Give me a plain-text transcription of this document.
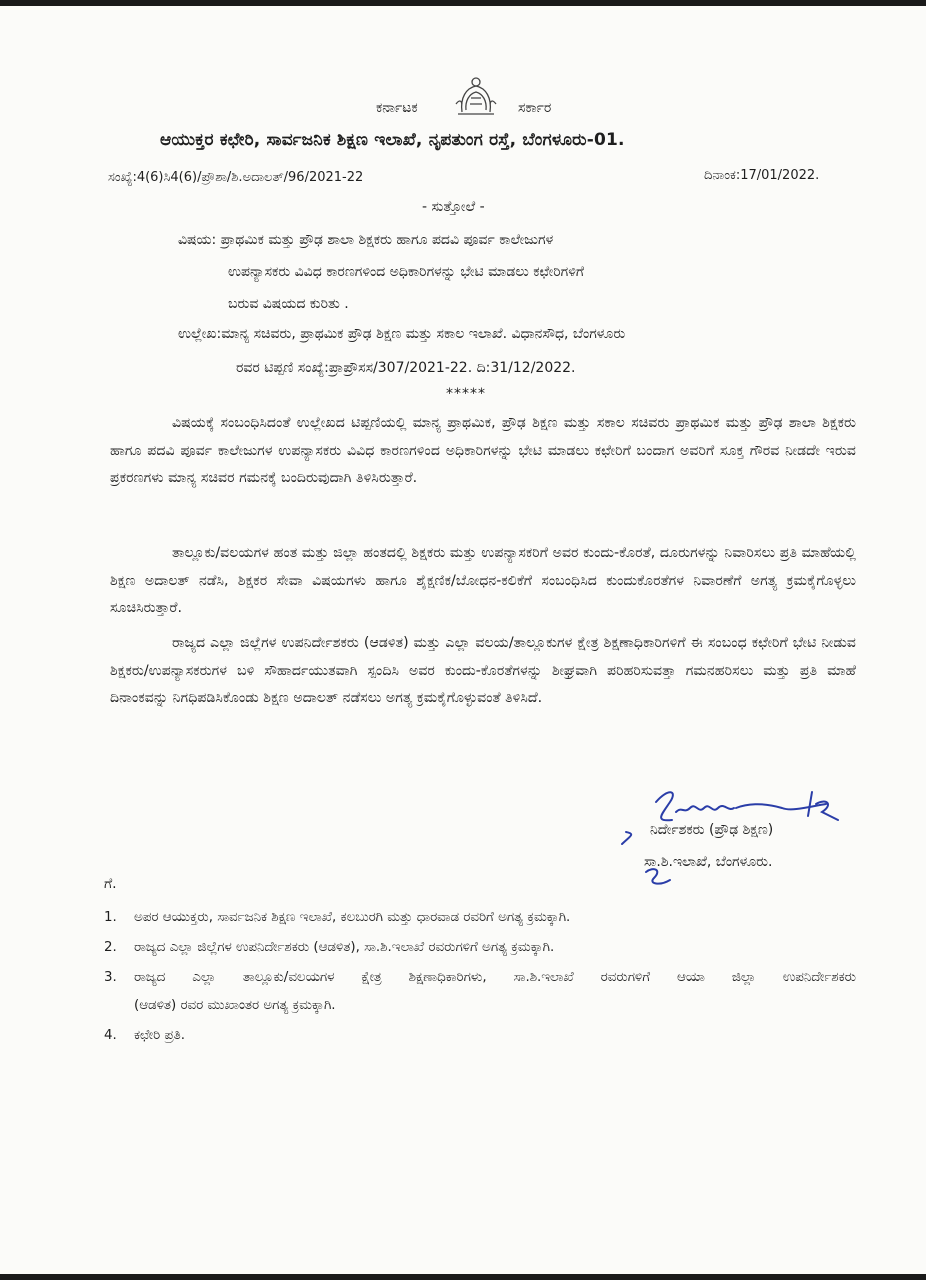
ಕರ್ನಾಟಕ	ಸರ್ಕಾರ
ಆಯುಕ್ತರ ಕಛೇರಿ, ಸಾರ್ವಜನಿಕ ಶಿಕ್ಷಣ ಇಲಾಖೆ, ನೃಪತುಂಗ ರಸ್ತೆ, ಬೆಂಗಳೂರು-01.
ಸಂಖ್ಯೆ:4(6)ಸಿ4(6)/ಪ್ರೌಶಾ/ಶಿ.ಅದಾಲತ್/96/2021-22	ದಿನಾಂಕ:17/01/2022.
- ಸುತ್ತೋಲೆ -
ವಿಷಯ: ಪ್ರಾಥಮಿಕ ಮತ್ತು ಪ್ರೌಢ ಶಾಲಾ ಶಿಕ್ಷಕರು ಹಾಗೂ ಪದವಿ ಪೂರ್ವ ಕಾಲೇಜುಗಳ
ಉಪನ್ಯಾಸಕರು ವಿವಿಧ ಕಾರಣಗಳಿಂದ ಅಧಿಕಾರಿಗಳನ್ನು ಭೇಟಿ ಮಾಡಲು ಕಛೇರಿಗಳಿಗೆ
ಬರುವ ವಿಷಯದ ಕುರಿತು .
ಉಲ್ಲೇಖ:ಮಾನ್ಯ ಸಚಿವರು, ಪ್ರಾಥಮಿಕ ಪ್ರೌಢ ಶಿಕ್ಷಣ ಮತ್ತು ಸಕಾಲ ಇಲಾಖೆ. ವಿಧಾನಸೌಧ, ಬೆಂಗಳೂರು
ರವರ ಟಿಪ್ಪಣಿ ಸಂಖ್ಯೆ:ಪ್ರಾಪ್ರೌಸಸ/307/2021-22. ದಿ:31/12/2022.
*****
ವಿಷಯಕ್ಕೆ ಸಂಬಂಧಿಸಿದಂತೆ ಉಲ್ಲೇಖದ ಟಿಪ್ಪಣಿಯಲ್ಲಿ ಮಾನ್ಯ ಪ್ರಾಥಮಿಕ, ಪ್ರೌಢ ಶಿಕ್ಷಣ ಮತ್ತು ಸಕಾಲ ಸಚಿವರು ಪ್ರಾಥಮಿಕ ಮತ್ತು ಪ್ರೌಢ ಶಾಲಾ ಶಿಕ್ಷಕರು ಹಾಗೂ ಪದವಿ ಪೂರ್ವ ಕಾಲೇಜುಗಳ ಉಪನ್ಯಾಸಕರು ವಿವಿಧ ಕಾರಣಗಳಿಂದ ಅಧಿಕಾರಿಗಳನ್ನು ಭೇಟಿ ಮಾಡಲು ಕಛೇರಿಗೆ ಬಂದಾಗ ಅವರಿಗೆ ಸೂಕ್ತ ಗೌರವ ನೀಡದೇ ಇರುವ ಪ್ರಕರಣಗಳು ಮಾನ್ಯ ಸಚಿವರ ಗಮನಕ್ಕೆ ಬಂದಿರುವುದಾಗಿ ತಿಳಿಸಿರುತ್ತಾರೆ.
ತಾಲ್ಲೂಕು/ವಲಯಗಳ ಹಂತ ಮತ್ತು ಜಿಲ್ಲಾ ಹಂತದಲ್ಲಿ ಶಿಕ್ಷಕರು ಮತ್ತು ಉಪನ್ಯಾಸಕರಿಗೆ ಅವರ ಕುಂದು-ಕೊರತೆ, ದೂರುಗಳನ್ನು ನಿವಾರಿಸಲು ಪ್ರತಿ ಮಾಹೆಯಲ್ಲಿ ಶಿಕ್ಷಣ ಅದಾಲತ್ ನಡೆಸಿ, ಶಿಕ್ಷಕರ ಸೇವಾ ವಿಷಯಗಳು ಹಾಗೂ ಶೈಕ್ಷಣಿಕ/ಬೋಧನ-ಕಲಿಕೆಗೆ ಸಂಬಂಧಿಸಿದ ಕುಂದುಕೊರತೆಗಳ ನಿವಾರಣೆಗೆ ಅಗತ್ಯ ಕ್ರಮಕೈಗೊಳ್ಳಲು ಸೂಚಿಸಿರುತ್ತಾರೆ.
ರಾಜ್ಯದ ಎಲ್ಲಾ ಜಿಲ್ಲೆಗಳ ಉಪನಿರ್ದೇಶಕರು (ಆಡಳಿತ) ಮತ್ತು ಎಲ್ಲಾ ವಲಯ/ತಾಲ್ಲೂಕುಗಳ ಕ್ಷೇತ್ರ ಶಿಕ್ಷಣಾಧಿಕಾರಿಗಳಿಗೆ ಈ ಸಂಬಂಧ ಕಛೇರಿಗೆ ಭೇಟಿ ನೀಡುವ ಶಿಕ್ಷಕರು/ಉಪನ್ಯಾಸಕರುಗಳ ಬಳಿ ಸೌಹಾರ್ದಯುತವಾಗಿ ಸ್ಪಂದಿಸಿ ಅವರ ಕುಂದು-ಕೊರತೆಗಳನ್ನು ಶೀಘ್ರವಾಗಿ ಪರಿಹರಿಸುವತ್ತಾ ಗಮನಹರಿಸಲು ಮತ್ತು ಪ್ರತಿ ಮಾಹೆ ದಿನಾಂಕವನ್ನು ನಿಗಧಿಪಡಿಸಿಕೊಂಡು ಶಿಕ್ಷಣ ಅದಾಲತ್ ನಡೆಸಲು ಅಗತ್ಯ ಕ್ರಮಕೈಗೊಳ್ಳುವಂತೆ ತಿಳಿಸಿದೆ.
ನಿರ್ದೇಶಕರು (ಪ್ರೌಢ ಶಿಕ್ಷಣ)
ಸಾ.ಶಿ.ಇಲಾಖೆ, ಬೆಂಗಳೂರು.
ಗೆ.
1. ಅಪರ ಆಯುಕ್ತರು, ಸಾರ್ವಜನಿಕ ಶಿಕ್ಷಣ ಇಲಾಖೆ, ಕಲಬುರಗಿ ಮತ್ತು ಧಾರವಾಡ ರವರಿಗೆ ಅಗತ್ಯ ಕ್ರಮಕ್ಕಾಗಿ.
2. ರಾಜ್ಯದ ಎಲ್ಲಾ ಜಿಲ್ಲೆಗಳ ಉಪನಿರ್ದೇಶಕರು (ಆಡಳಿತ), ಸಾ.ಶಿ.ಇಲಾಖೆ ರವರುಗಳಿಗೆ ಅಗತ್ಯ ಕ್ರಮಕ್ಕಾಗಿ.
3. ರಾಜ್ಯದ ಎಲ್ಲಾ ತಾಲ್ಲೂಕು/ವಲಯಗಳ ಕ್ಷೇತ್ರ ಶಿಕ್ಷಣಾಧಿಕಾರಿಗಳು, ಸಾ.ಶಿ.ಇಲಾಖೆ ರವರುಗಳಿಗೆ ಆಯಾ ಜಿಲ್ಲಾ ಉಪನಿರ್ದೇಶಕರು
(ಆಡಳಿತ) ರವರ ಮುಖಾಂತರ ಅಗತ್ಯ ಕ್ರಮಕ್ಕಾಗಿ.
4. ಕಛೇರಿ ಪ್ರತಿ.
